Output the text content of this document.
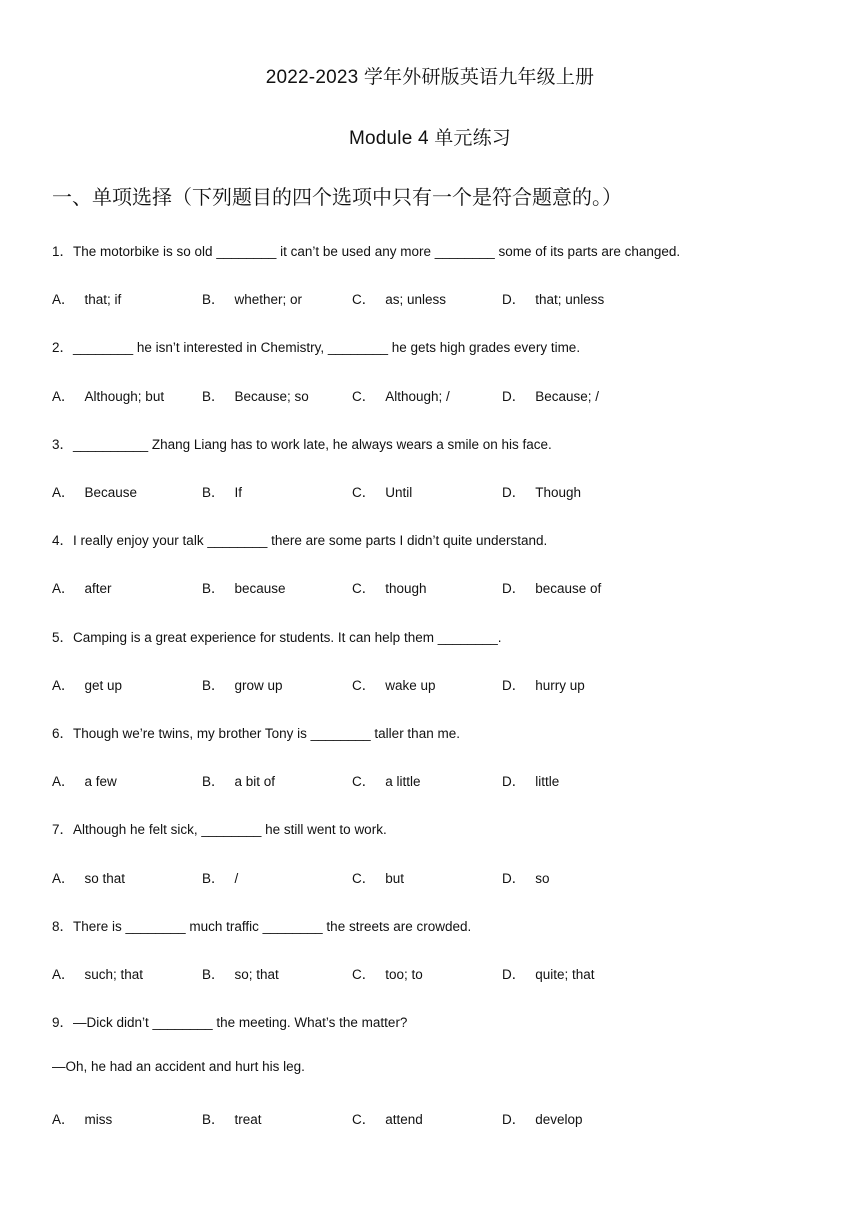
2022-2023 学年外研版英语九年级上册
Module 4 单元练习
一、单项选择（下列题目的四个选项中只有一个是符合题意的。）
1．The motorbike is so old ________ it can’t be used any more ________ some of its parts are changed.
A． that; if	B． whether; or	C． as; unless	D． that; unless
2．________ he isn’t interested in Chemistry, ________ he gets high grades every time.
A． Although; but	B． Because; so	C． Although; /	D． Because; /
3．__________ Zhang Liang has to work late, he always wears a smile on his face.
A． Because	B． If	C． Until	D． Though
4．I really enjoy your talk ________ there are some parts I didn’t quite understand.
A． after	B． because	C． though	D． because of
5．Camping is a great experience for students. It can help them ________.
A． get up	B． grow up	C． wake up	D． hurry up
6．Though we’re twins, my brother Tony is ________ taller than me.
A． a few	B． a bit of	C． a little	D． little
7．Although he felt sick, ________ he still went to work.
A． so that	B． /	C． but	D． so
8．There is ________ much traffic ________ the streets are crowded.
A． such; that	B． so; that	C． too; to	D． quite; that
9．—Dick didn’t ________ the meeting. What’s the matter?
—Oh, he had an accident and hurt his leg.
A． miss	B． treat	C． attend	D． develop
